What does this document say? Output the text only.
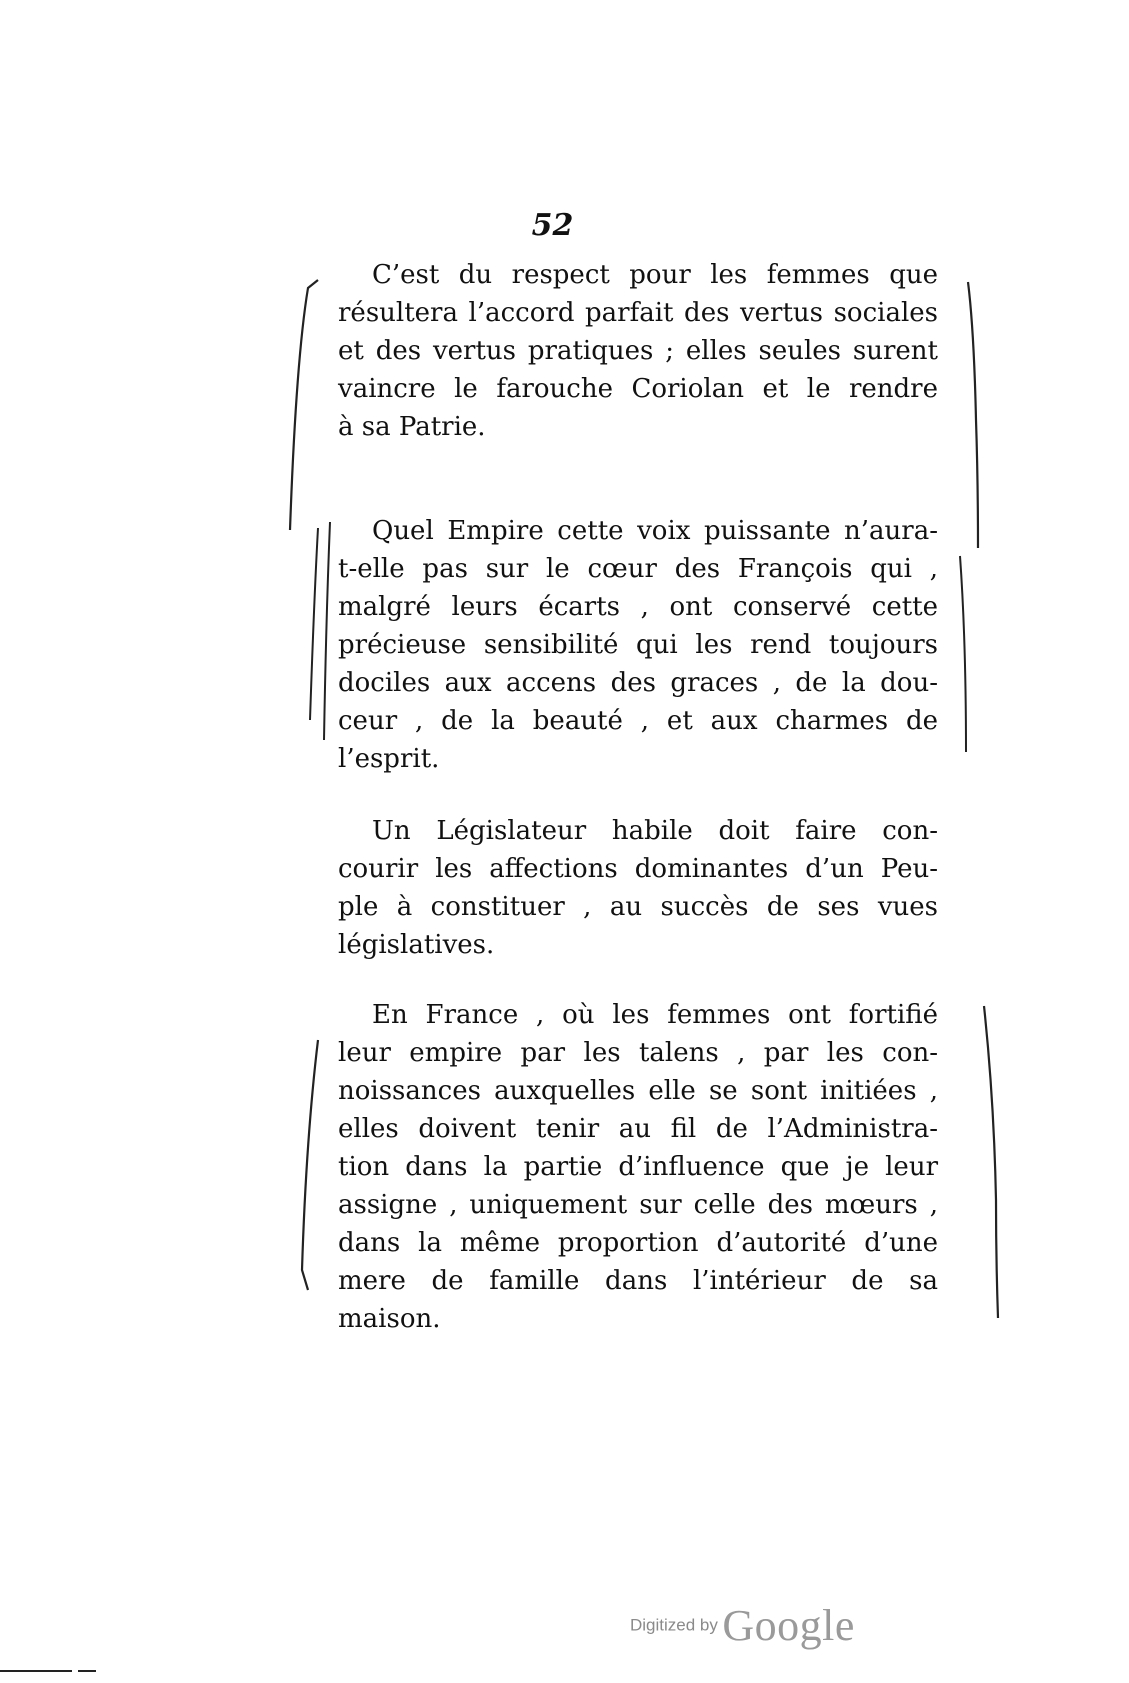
52

C’est du respect pour les femmes que
résultera l’accord parfait des vertus sociales
et des vertus pratiques ; elles seules surent
vaincre le farouche Coriolan et le rendre
à sa Patrie.

Quel Empire cette voix puissante n’aura-
t-elle pas sur le cœur des François qui ,
malgré leurs écarts , ont conservé cette
précieuse sensibilité qui les rend toujours
dociles aux accens des graces , de la dou-
ceur , de la beauté , et aux charmes de
l’esprit.

Un Législateur habile doit faire con-
courir les affections dominantes d’un Peu-
ple à constituer , au succès de ses vues
législatives.

En France , où les femmes ont fortifié
leur empire par les talens , par les con-
noissances auxquelles elle se sont initiées ,
elles doivent tenir au fil de l’Administra-
tion dans la partie d’influence que je leur
assigne , uniquement sur celle des mœurs ,
dans la même proportion d’autorité d’une
mere de famille dans l’intérieur de sa
maison.

Digitized by Google
